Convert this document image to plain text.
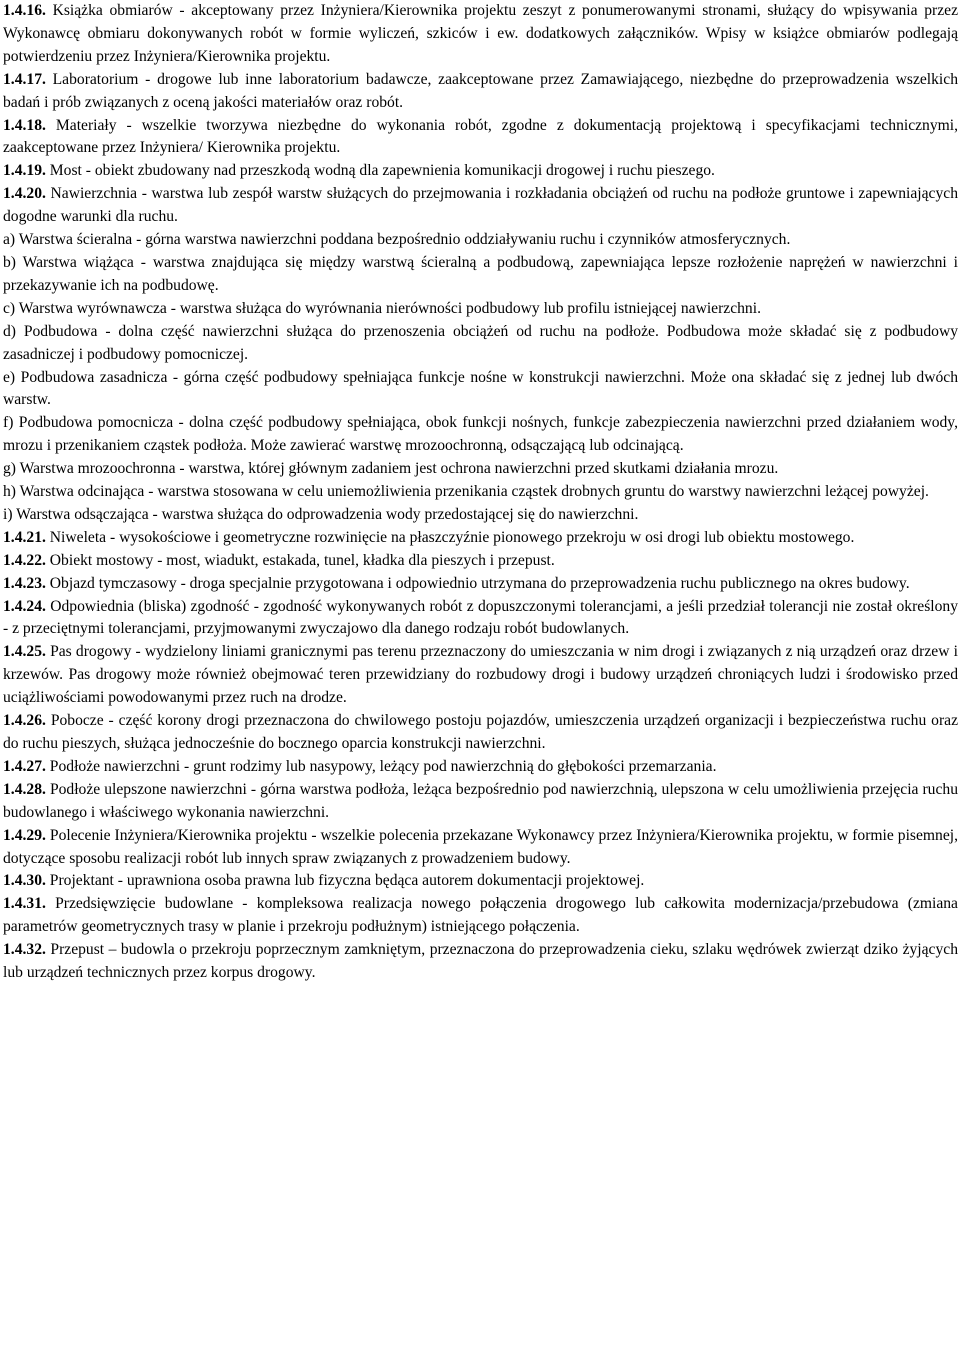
1.4.16. Książka obmiarów - akceptowany przez Inżyniera/Kierownika projektu zeszyt z ponumerowanymi stronami, służący do wpisywania przez Wykonawcę obmiaru dokonywanych robót w formie wyliczeń, szkiców i ew. dodatkowych załączników. Wpisy w książce obmiarów podlegają potwierdzeniu przez Inżyniera/Kierownika projektu.

1.4.17. Laboratorium - drogowe lub inne laboratorium badawcze, zaakceptowane przez Zamawiającego, niezbędne do przeprowadzenia wszelkich badań i prób związanych z oceną jakości materiałów oraz robót.

1.4.18. Materiały - wszelkie tworzywa niezbędne do wykonania robót, zgodne z dokumentacją projektową i specyfikacjami technicznymi, zaakceptowane przez Inżyniera/ Kierownika projektu.

1.4.19. Most - obiekt zbudowany nad przeszkodą wodną dla zapewnienia komunikacji drogowej i ruchu pieszego.

1.4.20. Nawierzchnia - warstwa lub zespół warstw służących do przejmowania i rozkładania obciążeń od ruchu na podłoże gruntowe i zapewniających dogodne warunki dla ruchu.

a) Warstwa ścieralna - górna warstwa nawierzchni poddana bezpośrednio oddziaływaniu ruchu i czynników atmosferycznych.

b) Warstwa wiążąca - warstwa znajdująca się między warstwą ścieralną a podbudową, zapewniająca lepsze rozłożenie naprężeń w nawierzchni i przekazywanie ich na podbudowę.

c) Warstwa wyrównawcza - warstwa służąca do wyrównania nierówności podbudowy lub profilu istniejącej nawierzchni.

d) Podbudowa - dolna część nawierzchni służąca do przenoszenia obciążeń od ruchu na podłoże. Podbudowa może składać się z podbudowy zasadniczej i podbudowy pomocniczej.

e) Podbudowa zasadnicza - górna część podbudowy spełniająca funkcje nośne w konstrukcji nawierzchni. Może ona składać się z jednej lub dwóch warstw.

f) Podbudowa pomocnicza - dolna część podbudowy spełniająca, obok funkcji nośnych, funkcje zabezpieczenia nawierzchni przed działaniem wody, mrozu i przenikaniem cząstek podłoża. Może zawierać warstwę mrozoochronną, odsączającą lub odcinającą.

g) Warstwa mrozoochronna - warstwa, której głównym zadaniem jest ochrona nawierzchni przed skutkami działania mrozu.

h) Warstwa odcinająca - warstwa stosowana w celu uniemożliwienia przenikania cząstek drobnych gruntu do warstwy nawierzchni leżącej powyżej.

i) Warstwa odsączająca - warstwa służąca do odprowadzenia wody przedostającej się do nawierzchni.

1.4.21. Niweleta - wysokościowe i geometryczne rozwinięcie na płaszczyźnie pionowego przekroju w osi drogi lub obiektu mostowego.

1.4.22. Obiekt mostowy - most, wiadukt, estakada, tunel, kładka dla pieszych i przepust.

1.4.23. Objazd tymczasowy - droga specjalnie przygotowana i odpowiednio utrzymana do przeprowadzenia ruchu publicznego na okres budowy.

1.4.24. Odpowiednia (bliska) zgodność - zgodność wykonywanych robót z dopuszczonymi tolerancjami, a jeśli przedział tolerancji nie został określony - z przeciętnymi tolerancjami, przyjmowanymi zwyczajowo dla danego rodzaju robót budowlanych.

1.4.25. Pas drogowy - wydzielony liniami granicznymi pas terenu przeznaczony do umieszczania w nim drogi i związanych z nią urządzeń oraz drzew i krzewów. Pas drogowy może również obejmować teren przewidziany do rozbudowy drogi i budowy urządzeń chroniących ludzi i środowisko przed uciążliwościami powodowanymi przez ruch na drodze.

1.4.26. Pobocze - część korony drogi przeznaczona do chwilowego postoju pojazdów, umieszczenia urządzeń organizacji i bezpieczeństwa ruchu oraz do ruchu pieszych, służąca jednocześnie do bocznego oparcia konstrukcji nawierzchni.

1.4.27. Podłoże nawierzchni - grunt rodzimy lub nasypowy, leżący pod nawierzchnią do głębokości przemarzania.

1.4.28. Podłoże ulepszone nawierzchni - górna warstwa podłoża, leżąca bezpośrednio pod nawierzchnią, ulepszona w celu umożliwienia przejęcia ruchu budowlanego i właściwego wykonania nawierzchni.

1.4.29. Polecenie Inżyniera/Kierownika projektu - wszelkie polecenia przekazane Wykonawcy przez Inżyniera/Kierownika projektu, w formie pisemnej, dotyczące sposobu realizacji robót lub innych spraw związanych z prowadzeniem budowy.

1.4.30. Projektant - uprawniona osoba prawna lub fizyczna będąca autorem dokumentacji projektowej.

1.4.31. Przedsięwzięcie budowlane - kompleksowa realizacja nowego połączenia drogowego lub całkowita modernizacja/przebudowa (zmiana parametrów geometrycznych trasy w planie i przekroju podłużnym) istniejącego połączenia.

1.4.32. Przepust – budowla o przekroju poprzecznym zamkniętym, przeznaczona do przeprowadzenia cieku, szlaku wędrówek zwierząt dziko żyjących lub urządzeń technicznych przez korpus drogowy.
